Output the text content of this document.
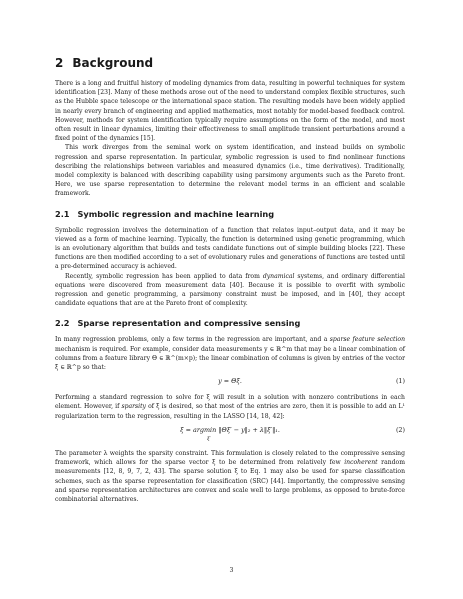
2 Background

There is a long and fruitful history of modeling dynamics from data, resulting in powerful techniques for system identification [23]. Many of these methods arose out of the need to understand complex flexible structures, such as the Hubble space telescope or the international space station. The resulting models have been widely applied in nearly every branch of engineering and applied mathematics, most notably for model-based feedback control. However, methods for system identification typically require assumptions on the form of the model, and most often result in linear dynamics, limiting their effectiveness to small amplitude transient perturbations around a fixed point of the dynamics [15].

This work diverges from the seminal work on system identification, and instead builds on symbolic regression and sparse representation. In particular, symbolic regression is used to find nonlinear functions describing the relationships between variables and measured dynamics (i.e., time derivatives). Traditionally, model complexity is balanced with describing capability using parsimony arguments such as the Pareto front. Here, we use sparse representation to determine the relevant model terms in an efficient and scalable framework.

2.1 Symbolic regression and machine learning

Symbolic regression involves the determination of a function that relates input–output data, and it may be viewed as a form of machine learning. Typically, the function is determined using genetic programming, which is an evolutionary algorithm that builds and tests candidate functions out of simple building blocks [22]. These functions are then modified according to a set of evolutionary rules and generations of functions are tested until a pre-determined accuracy is achieved.

Recently, symbolic regression has been applied to data from dynamical systems, and ordinary differential equations were discovered from measurement data [40]. Because it is possible to overfit with symbolic regression and genetic programming, a parsimony constraint must be imposed, and in [40], they accept candidate equations that are at the Pareto front of complexity.

2.2 Sparse representation and compressive sensing

In many regression problems, only a few terms in the regression are important, and a sparse feature selection mechanism is required. For example, consider data measurements y ∈ ℝ^m that may be a linear combination of columns from a feature library Θ ∈ ℝ^(m×p); the linear combination of columns is given by entries of the vector ξ ∈ ℝ^p so that:

y = Θξ.	(1)

Performing a standard regression to solve for ξ will result in a solution with nonzero contributions in each element. However, if sparsity of ξ is desired, so that most of the entries are zero, then it is possible to add an L¹ regularization term to the regression, resulting in the LASSO [14, 18, 42]:

ξ = argmin ‖Θξ′ − y‖₂ + λ‖ξ′‖₁.	(2)
ξ′

The parameter λ weights the sparsity constraint. This formulation is closely related to the compressive sensing framework, which allows for the sparse vector ξ to be determined from relatively few incoherent random measurements [12, 8, 9, 7, 2, 43]. The sparse solution ξ to Eq. 1 may also be used for sparse classification schemes, such as the sparse representation for classification (SRC) [44]. Importantly, the compressive sensing and sparse representation architectures are convex and scale well to large problems, as opposed to brute-force combinatorial alternatives.

3
